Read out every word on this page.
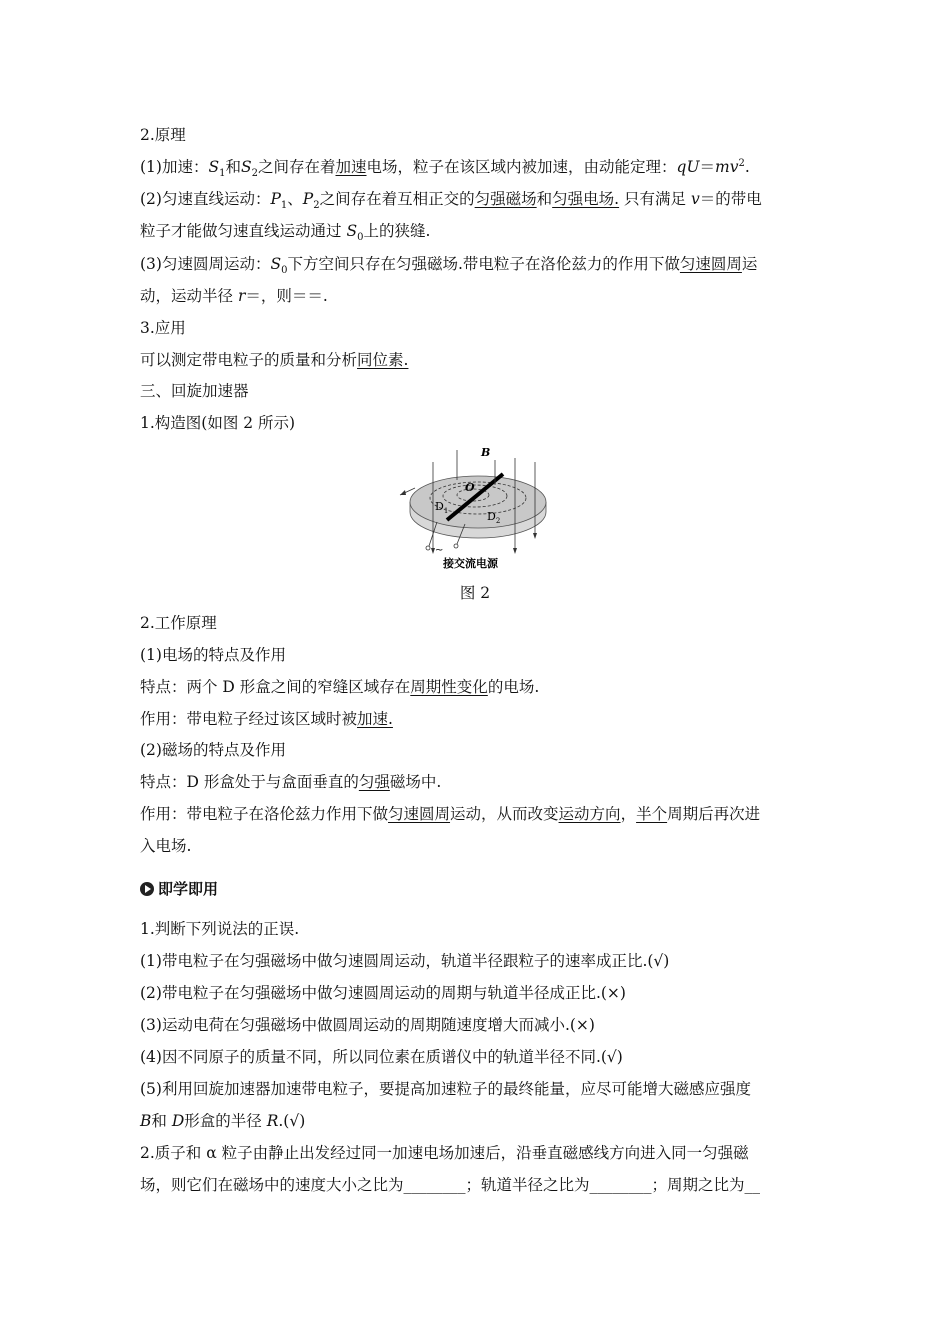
2.原理
(1)加速：$S_1$和$S_2$之间存在着加速电场，粒子在该区域内被加速，由动能定理：$qU=mv^2$.
(2)匀速直线运动：$P_1$、$P_2$之间存在着互相正交的匀强磁场和匀强电场. 只有满足 v＝的带电
粒子才能做匀速直线运动通过 $S_0$上的狭缝.
(3)匀速圆周运动：$S_0$下方空间只存在匀强磁场.带电粒子在洛伦兹力的作用下做匀速圆周运
动，运动半径 r＝，则＝＝.
3.应用
可以测定带电粒子的质量和分析同位素.
三、回旋加速器
1.构造图(如图 2 所示)
B
O
$D_1$	$D_2$
~
接交流电源
图 2
2.工作原理
(1)电场的特点及作用
特点：两个 D 形盒之间的窄缝区域存在周期性变化的电场.
作用：带电粒子经过该区域时被加速.
(2)磁场的特点及作用
特点：D 形盒处于与盒面垂直的匀强磁场中.
作用：带电粒子在洛伦兹力作用下做匀速圆周运动，从而改变运动方向，半个周期后再次进
入电场.
即学即用
1.判断下列说法的正误.
(1)带电粒子在匀强磁场中做匀速圆周运动，轨道半径跟粒子的速率成正比.(√)
(2)带电粒子在匀强磁场中做匀速圆周运动的周期与轨道半径成正比.(×)
(3)运动电荷在匀强磁场中做圆周运动的周期随速度增大而减小.(×)
(4)因不同原子的质量不同，所以同位素在质谱仪中的轨道半径不同.(√)
(5)利用回旋加速器加速带电粒子，要提高加速粒子的最终能量，应尽可能增大磁感应强度
B和 D形盒的半径 R.(√)
2.质子和 α 粒子由静止出发经过同一加速电场加速后，沿垂直磁感线方向进入同一匀强磁
场，则它们在磁场中的速度大小之比为________；轨道半径之比为________；周期之比为__
